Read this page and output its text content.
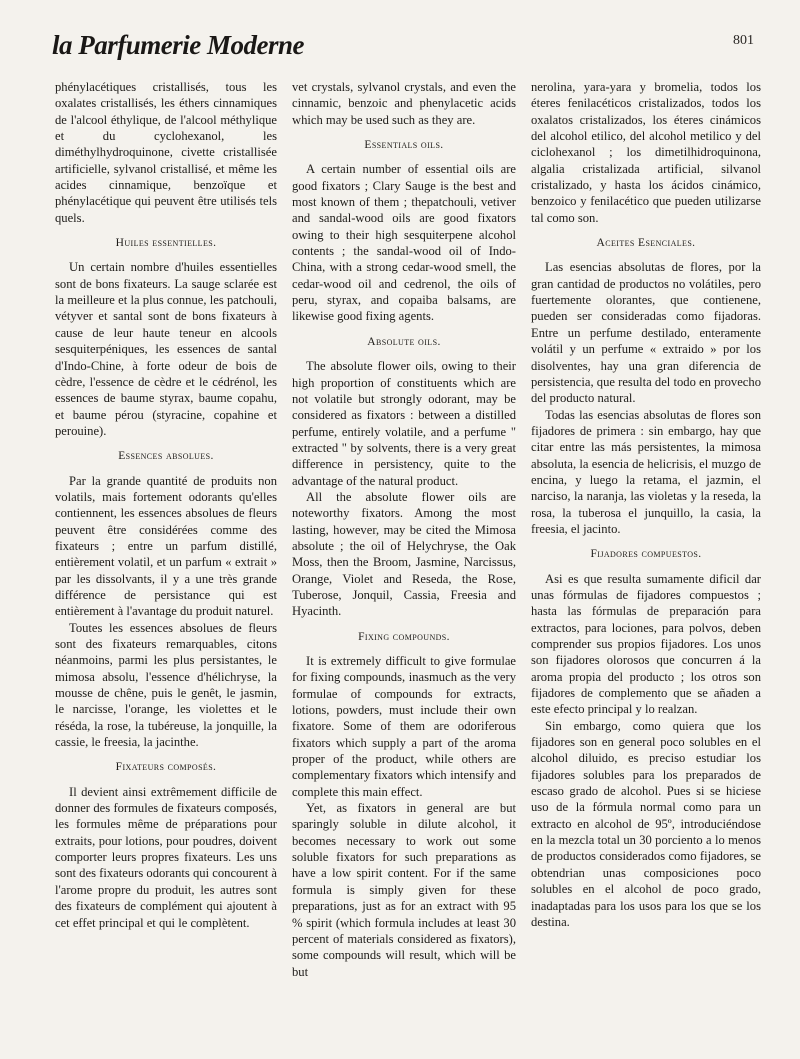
la Parfumerie Moderne	801

phénylacétiques cristallisés, tous les oxalates cristallisés, les éthers cinnamiques de l'alcool éthylique, de l'alcool méthylique et du cyclohexanol, les diméthylhydroquinone, civette cristallisée artificielle, sylvanol cristallisé, et même les acides cinnamique, benzoïque et phénylacétique qui peuvent être utilisés tels quels.

Huiles essentielles.

Un certain nombre d'huiles essentielles sont de bons fixateurs. La sauge sclarée est la meilleure et la plus connue, les patchouli, vétyver et santal sont de bons fixateurs à cause de leur haute teneur en alcools sesquiterpéniques, les essences de santal d'Indo-Chine, à forte odeur de bois de cèdre, l'essence de cèdre et le cédrénol, les essences de baume styrax, baume copahu, et baume pérou (styracine, copahine et perouine).

Essences absolues.

Par la grande quantité de produits non volatils, mais fortement odorants qu'elles contiennent, les essences absolues de fleurs peuvent être considérées comme des fixateurs ; entre un parfum distillé, entièrement volatil, et un parfum « extrait » par les dissolvants, il y a une très grande différence de persistance qui est entièrement à l'avantage du produit naturel.

Toutes les essences absolues de fleurs sont des fixateurs remarquables, citons néanmoins, parmi les plus persistantes, le mimosa absolu, l'essence d'hélichryse, la mousse de chêne, puis le genêt, le jasmin, le narcisse, l'orange, les violettes et le réséda, la rose, la tubéreuse, la jonquille, la cassie, le freesia, la jacinthe.

Fixateurs composés.

Il devient ainsi extrêmement difficile de donner des formules de fixateurs composés, les formules même de préparations pour extraits, pour lotions, pour poudres, doivent comporter leurs propres fixateurs. Les uns sont des fixateurs odorants qui concourent à l'arome propre du produit, les autres sont des fixateurs de complément qui ajoutent à cet effet principal et qui le complètent.

vet crystals, sylvanol crystals, and even the cinnamic, benzoic and phenylacetic acids which may be used such as they are.

Essentials oils.

A certain number of essential oils are good fixators ; Clary Sauge is the best and most known of them ; thepatchouli, vetiver and sandal-wood oils are good fixators owing to their high sesquiterpene alcohol contents ; the sandal-wood oil of Indo-China, with a strong cedar-wood smell, the cedar-wood oil and cedrenol, the oils of peru, styrax, and copaiba balsams, are likewise good fixing agents.

Absolute oils.

The absolute flower oils, owing to their high proportion of constituents which are not volatile but strongly odorant, may be considered as fixators : between a distilled perfume, entirely volatile, and a perfume " extracted " by solvents, there is a very great difference in persistency, quite to the advantage of the natural product.

All the absolute flower oils are noteworthy fixators. Among the most lasting, however, may be cited the Mimosa absolute ; the oil of Helychryse, the Oak Moss, then the Broom, Jasmine, Narcissus, Orange, Violet and Reseda, the Rose, Tuberose, Jonquil, Cassia, Freesia and Hyacinth.

Fixing compounds.

It is extremely difficult to give formulae for fixing compounds, inasmuch as the very formulae of compounds for extracts, lotions, powders, must include their own fixatore. Some of them are odoriferous fixators which supply a part of the aroma proper of the product, while others are complementary fixators which intensify and complete this main effect.

Yet, as fixators in general are but sparingly soluble in dilute alcohol, it becomes necessary to work out some soluble fixators for such preparations as have a low spirit content. For if the same formula is simply given for these preparations, just as for an extract with 95 % spirit (which formula includes at least 30 percent of materials considered as fixators), some compounds will result, which will be but

nerolina, yara-yara y bromelia, todos los éteres fenilacéticos cristalizados, todos los oxalatos cristalizados, los éteres cinámicos del alcohol etilico, del alcohol metilico y del ciclohexanol ; los dimetilhidroquinona, algalia cristalizada artificial, silvanol cristalizado, y hasta los ácidos cinámico, benzoico y fenilacético que pueden utilizarse tal como son.

Aceites Esenciales.

Las esencias absolutas de flores, por la gran cantidad de productos no volátiles, pero fuertemente olorantes, que contienene, pueden ser consideradas como fijadoras. Entre un perfume destilado, enteramente volátil y un perfume « extraido » por los disolventes, hay una gran diferencia de persistencia, que resulta del todo en provecho del producto natural.

Todas las esencias absolutas de flores son fijadores de primera : sin embargo, hay que citar entre las más persistentes, la mimosa absoluta, la esencia de helicrisis, el muzgo de encina, y luego la retama, el jazmin, el narciso, la naranja, las violetas y la reseda, la rosa, la tuberosa el junquillo, la casia, la freesia, el jacinto.

Fijadores compuestos.

Asi es que resulta sumamente dificil dar unas fórmulas de fijadores compuestos ; hasta las fórmulas de preparación para extractos, para lociones, para polvos, deben comprender sus propios fijadores. Los unos son fijadores olorosos que concurren á la aroma propia del producto ; los otros son fijadores de complemento que se añaden a este efecto principal y lo realzan.

Sin embargo, como quiera que los fijadores son en general poco solubles en el alcohol diluido, es preciso estudiar los fijadores solubles para los preparados de escaso grado de alcohol. Pues si se hiciese uso de la fórmula normal como para un extracto en alcohol de 95º, introduciéndose en la mezcla total un 30 porciento a lo menos de productos considerados como fijadores, se obtendrian unas composiciones poco solubles en el alcohol de poco grado, inadaptadas para los usos para los que se los destina.
